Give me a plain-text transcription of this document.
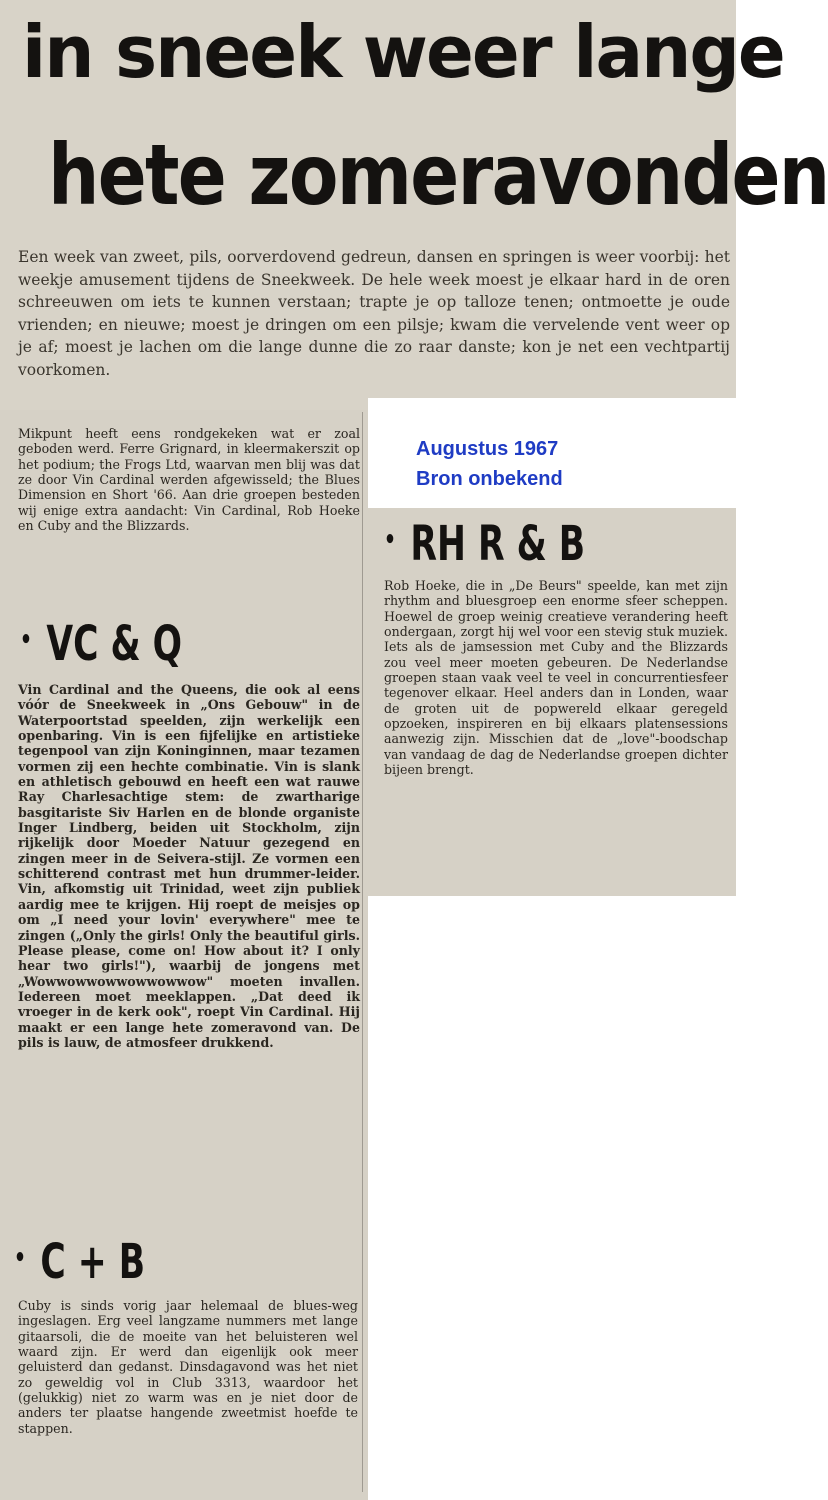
in sneek weer lange
hete zomeravonden

Een week van zweet, pils, oorverdovend gedreun, dansen en springen is weer voorbij: het weekje amusement tijdens de Sneekweek. De hele week moest je elkaar hard in de oren schreeuwen om iets te kunnen verstaan; trapte je op talloze tenen; ontmoette je oude vrienden; en nieuwe; moest je dringen om een pilsje; kwam die vervelende vent weer op je af; moest je lachen om die lange dunne die zo raar danste; kon je net een vechtpartij voorkomen.

Augustus 1967
Bron onbekend

Mikpunt heeft eens rondgekeken wat er zoal geboden werd. Ferre Grignard, in kleermakerszit op het podium; the Frogs Ltd, waarvan men blij was dat ze door Vin Cardinal werden afgewisseld; the Blues Dimension en Short '66. Aan drie groepen besteden wij enige extra aandacht: Vin Cardinal, Rob Hoeke en Cuby and the Blizzards.

• VC & Q

Vin Cardinal and the Queens, die ook al eens vóór de Sneekweek in „Ons Gebouw" in de Waterpoortstad speelden, zijn werkelijk een openbaring. Vin is een fijfelijke en artistieke tegenpool van zijn Koninginnen, maar tezamen vormen zij een hechte combinatie. Vin is slank en athletisch gebouwd en heeft een wat rauwe Ray Charlesachtige stem: de zwartharige basgitariste Siv Harlen en de blonde organiste Inger Lindberg, beiden uit Stockholm, zijn rijkelijk door Moeder Natuur gezegend en zingen meer in de Seivera-stijl. Ze vormen een schitterend contrast met hun drummer-leider. Vin, afkomstig uit Trinidad, weet zijn publiek aardig mee te krijgen. Hij roept de meisjes op om „I need your lovin' everywhere" mee te zingen („Only the girls! Only the beautiful girls. Please please, come on! How about it? I only hear two girls!"), waarbij de jongens met „Wowwowwowwowwowwow" moeten invallen. Iedereen moet meeklappen. „Dat deed ik vroeger in de kerk ook", roept Vin Cardinal. Hij maakt er een lange hete zomeravond van. De pils is lauw, de atmosfeer drukkend.

• C + B

Cuby is sinds vorig jaar helemaal de blues-weg ingeslagen. Erg veel langzame nummers met lange gitaarsoli, die de moeite van het beluisteren wel waard zijn. Er werd dan eigenlijk ook meer geluisterd dan gedanst. Dinsdagavond was het niet zo geweldig vol in Club 3313, waardoor het (gelukkig) niet zo warm was en je niet door de anders ter plaatse hangende zweetmist hoefde te stappen.

• RH R & B

Rob Hoeke, die in „De Beurs" speelde, kan met zijn rhythm and bluesgroep een enorme sfeer scheppen. Hoewel de groep weinig creatieve verandering heeft ondergaan, zorgt hij wel voor een stevig stuk muziek. Iets als de jamsession met Cuby and the Blizzards zou veel meer moeten gebeuren. De Nederlandse groepen staan vaak veel te veel in concurrentiesfeer tegenover elkaar. Heel anders dan in Londen, waar de groten uit de popwereld elkaar geregeld opzoeken, inspireren en bij elkaars platensessions aanwezig zijn. Misschien dat de „love"-boodschap van vandaag de dag de Nederlandse groepen dichter bijeen brengt.
